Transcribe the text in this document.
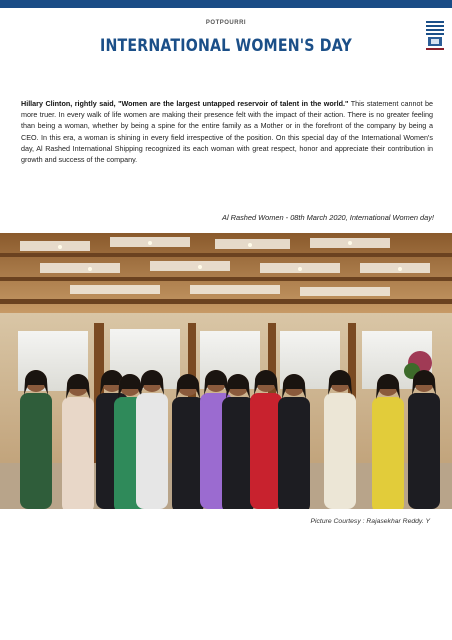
POTPOURRI
INTERNATIONAL WOMEN'S DAY
Hillary Clinton, rightly said, "Women are the largest untapped reservoir of talent in the world." This statement cannot be more truer. In every walk of life women are making their presence felt with the impact of their action. There is no greater feeling than being a woman, whether by being a spine for the entire family as a Mother or in the forefront of the company by being a CEO. In this era, a woman is shining in every field irrespective of the position. On this special day of the International Women's day, Al Rashed International Shipping recognized its each woman with great respect, honor and appreciate their contribution in growth and success of the company.
Al Rashed Women - 08th March 2020, International Women day!
Picture Courtesy : Rajasekhar Reddy. Y
